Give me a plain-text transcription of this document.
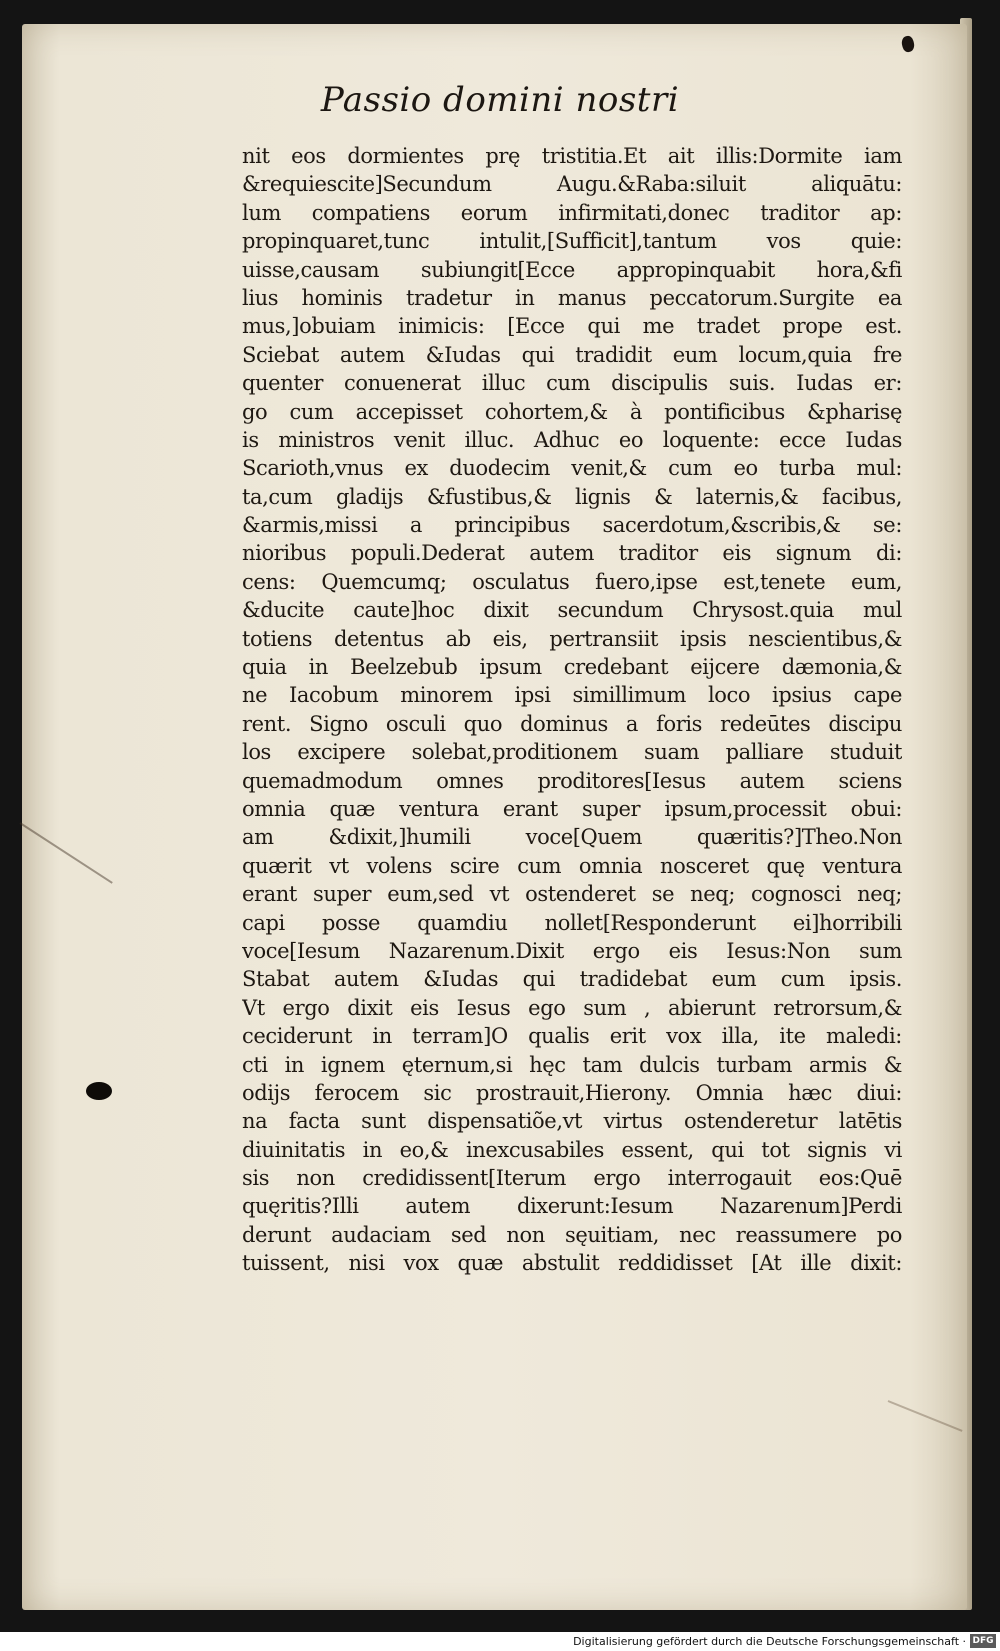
Passio domini nostri
nit eos dormientes prę tristitia.Et ait illis:Dormite iam
&requiescite]Secundum Augu.&Raba:siluit aliquātu:
lum compatiens eorum infirmitati,donec traditor ap:
propinquaret,tunc intulit,[Sufficit],tantum vos quie:
uisse,causam subiungit[Ecce appropinquabit hora,&fi
lius hominis tradetur in manus peccatorum.Surgite ea
mus,]obuiam inimicis: [Ecce qui me tradet prope est.
Sciebat autem &Iudas qui tradidit eum locum,quia fre
quenter conuenerat illuc cum discipulis suis. Iudas er:
go cum accepisset cohortem,& à pontificibus &pharisę
is ministros venit illuc. Adhuc eo loquente: ecce Iudas
Scarioth,vnus ex duodecim venit,& cum eo turba mul:
ta,cum gladijs &fustibus,& lignis & laternis,& facibus,
&armis,missi a principibus sacerdotum,&scribis,& se:
nioribus populi.Dederat autem traditor eis signum di:
cens: Quemcumq; osculatus fuero,ipse est,tenete eum,
&ducite caute]hoc dixit secundum Chrysost.quia mul
totiens detentus ab eis, pertransiit ipsis nescientibus,&
quia in Beelzebub ipsum credebant eijcere dæmonia,&
ne Iacobum minorem ipsi simillimum loco ipsius cape
rent. Signo osculi quo dominus a foris redeūtes discipu
los excipere solebat,proditionem suam palliare studuit
quemadmodum omnes proditores[Iesus autem sciens
omnia quæ ventura erant super ipsum,processit obui:
am &dixit,]humili voce[Quem quæritis?]Theo.Non
quærit vt volens scire cum omnia nosceret quę ventura
erant super eum,sed vt ostenderet se neq; cognosci neq;
capi posse quamdiu nollet[Responderunt ei]horribili
voce[Iesum Nazarenum.Dixit ergo eis Iesus:Non sum
Stabat autem &Iudas qui tradidebat eum cum ipsis.
Vt ergo dixit eis Iesus ego sum , abierunt retrorsum,&
ceciderunt in terram]O qualis erit vox illa, ite maledi:
cti in ignem ęternum,si hęc tam dulcis turbam armis &
odijs ferocem sic prostrauit,Hierony. Omnia hæc diui:
na facta sunt dispensatiõe,vt virtus ostenderetur latētis
diuinitatis in eo,& inexcusabiles essent, qui tot signis vi
sis non credidissent[Iterum ergo interrogauit eos:Quē
quęritis?Illi autem dixerunt:Iesum Nazarenum]Perdi
derunt audaciam sed non sęuitiam, nec reassumere po
tuissent, nisi vox quæ abstulit reddidisset [At ille dixit:
Digitalisierung gefördert durch die Deutsche Forschungsgemeinschaft · DFG
